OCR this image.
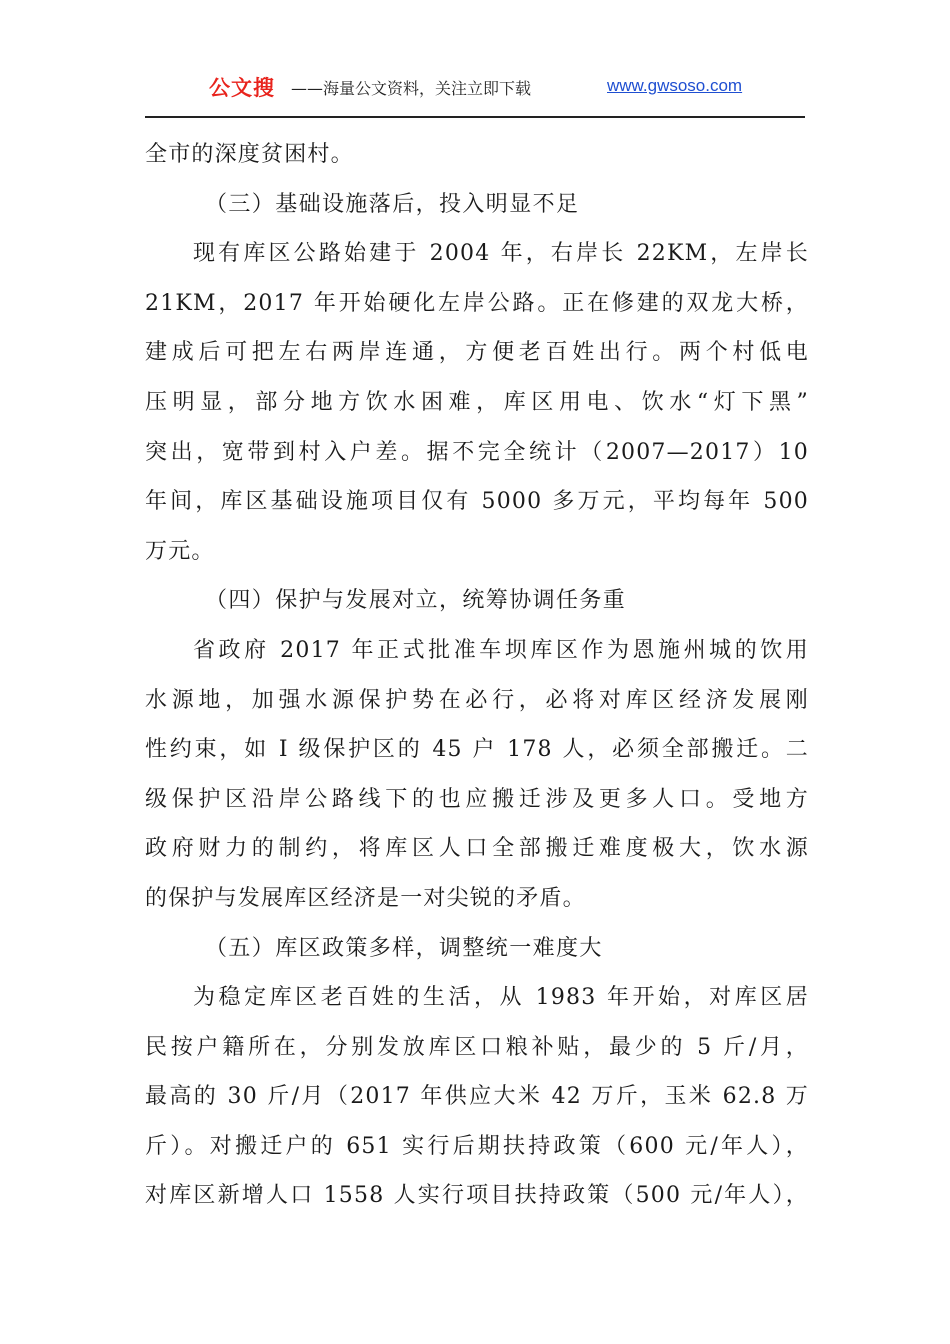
公文搜 ——海量公文资料，关注立即下载	www.gwsoso.com
全市的深度贫困村。
（三）基础设施落后，投入明显不足
现有库区公路始建于 2004 年，右岸长 22KM，左岸长
21KM，2017 年开始硬化左岸公路。正在修建的双龙大桥，
建成后可把左右两岸连通，方便老百姓出行。两个村低电
压明显，部分地方饮水困难，库区用电、饮水“灯下黑”
突出，宽带到村入户差。据不完全统计（2007—2017）10
年间，库区基础设施项目仅有 5000 多万元，平均每年 500
万元。
（四）保护与发展对立，统筹协调任务重
省政府 2017 年正式批准车坝库区作为恩施州城的饮用
水源地，加强水源保护势在必行，必将对库区经济发展刚
性约束，如 I 级保护区的 45 户 178 人，必须全部搬迁。二
级保护区沿岸公路线下的也应搬迁涉及更多人口。受地方
政府财力的制约，将库区人口全部搬迁难度极大，饮水源
的保护与发展库区经济是一对尖锐的矛盾。
（五）库区政策多样，调整统一难度大
为稳定库区老百姓的生活，从 1983 年开始，对库区居
民按户籍所在，分别发放库区口粮补贴，最少的 5 斤/月，
最高的 30 斤/月（2017 年供应大米 42 万斤，玉米 62.8 万
斤）。对搬迁户的 651 实行后期扶持政策（600 元/年人），
对库区新增人口 1558 人实行项目扶持政策（500 元/年人），
